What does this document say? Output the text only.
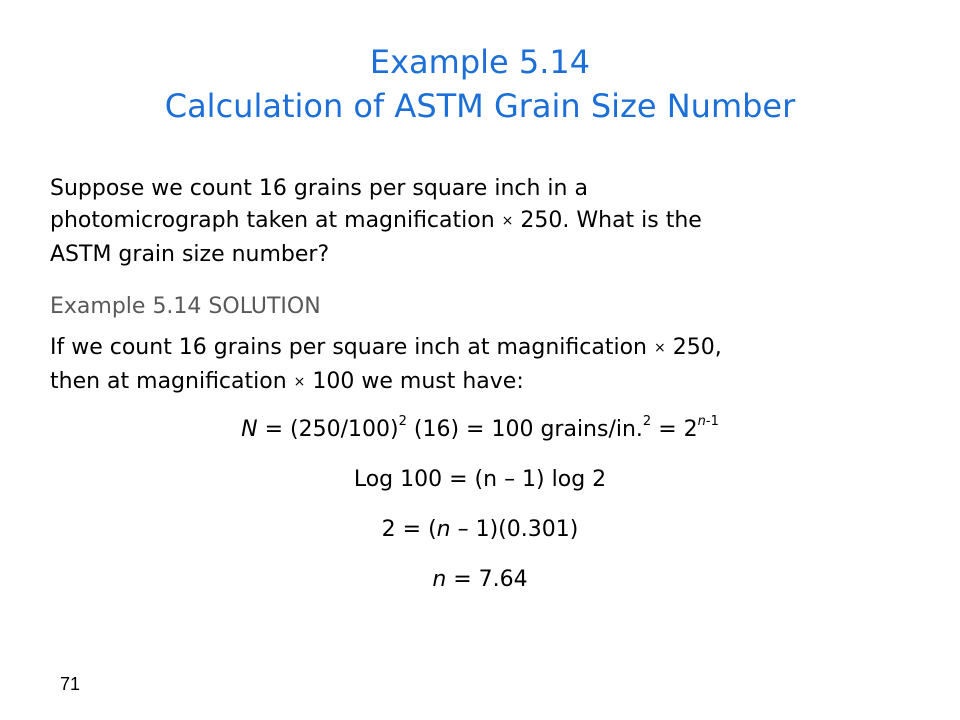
Example 5.14
Calculation of ASTM Grain Size Number

Suppose we count 16 grains per square inch in a
photomicrograph taken at magnification × 250. What is the
ASTM grain size number?

Example 5.14 SOLUTION

If we count 16 grains per square inch at magnification × 250,
then at magnification × 100 we must have:

$N = (250/100)^2$ (16) = 100 grains/in.$^2$ = $2^{n-1}$
Log 100 = (n – 1) log 2
2 = (n – 1)(0.301)
n = 7.64
71
